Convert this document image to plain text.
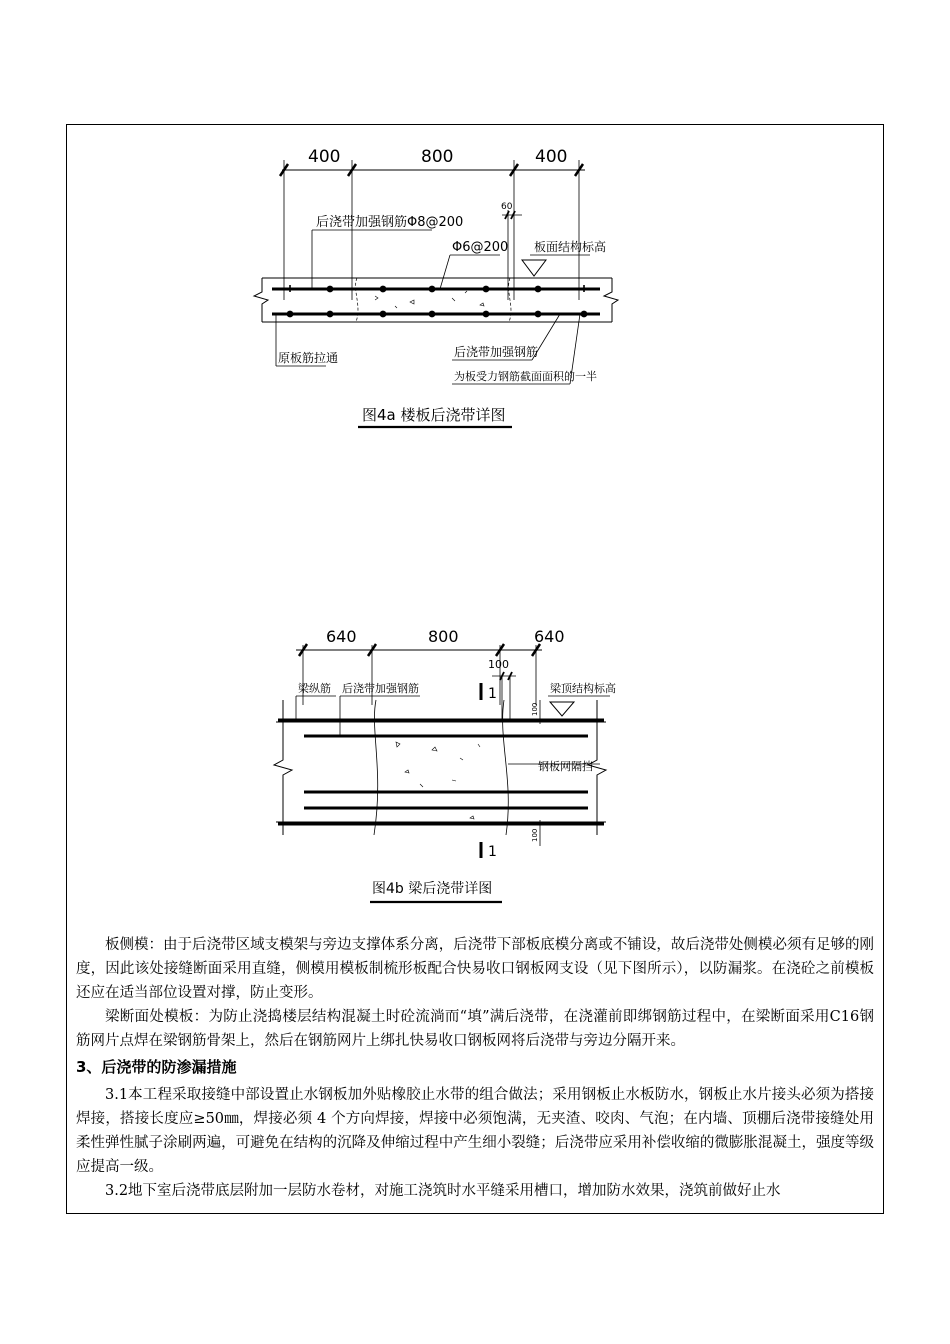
400	800	400
60
后浇带加强钢筋Φ8@200
Φ6@200 板面结构标高
原板筋拉通	后浇带加强钢筋
为板受力钢筋截面面积的一半
图4a 楼板后浇带详图
640	800	640
100
1
1
梁纵筋 后浇带加强钢筋	梁顶结构标高
钢板网隔挡
100
100
图4b 梁后浇带详图

板侧模：由于后浇带区域支模架与旁边支撑体系分离，后浇带下部板底模分离或不铺设，故后浇带处侧模必须有足够的刚度，因此该处接缝断面采用直缝，侧模用模板制梳形板配合快易收口钢板网支设（见下图所示），以防漏浆。在浇砼之前模板还应在适当部位设置对撑，防止变形。

梁断面处模板：为防止浇捣楼层结构混凝土时砼流淌而“填”满后浇带，在浇灌前即绑钢筋过程中，在梁断面采用C16钢筋网片点焊在梁钢筋骨架上，然后在钢筋网片上绑扎快易收口钢板网将后浇带与旁边分隔开来。

3、后浇带的防渗漏措施

3.1本工程采取接缝中部设置止水钢板加外贴橡胶止水带的组合做法；采用钢板止水板防水，钢板止水片接头必须为搭接焊接，搭接长度应≥50㎜，焊接必须 4 个方向焊接，焊接中必须饱满，无夹渣、咬肉、气泡；在内墙、顶棚后浇带接缝处用柔性弹性腻子涂刷两遍，可避免在结构的沉降及伸缩过程中产生细小裂缝；后浇带应采用补偿收缩的微膨胀混凝土，强度等级应提高一级。

3.2地下室后浇带底层附加一层防水卷材，对施工浇筑时水平缝采用槽口，增加防水效果，浇筑前做好止水
